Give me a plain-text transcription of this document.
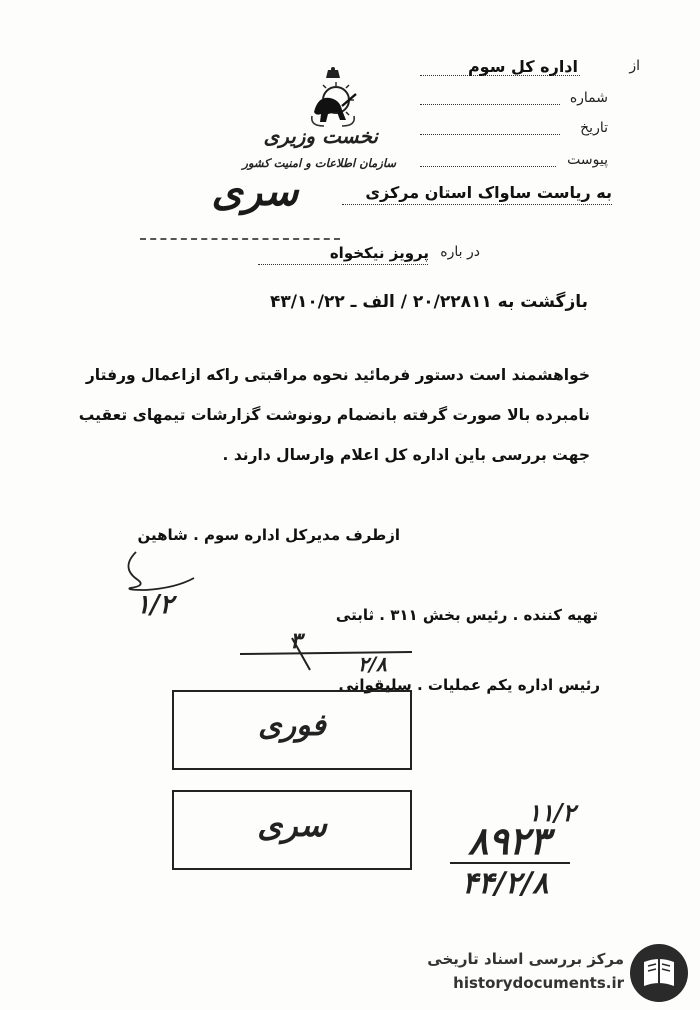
نخست وزیری
سازمان اطلاعات و امنیت کشور
از
اداره کل سوم
شماره
تاریخ
پیوست
به ریاست ساواک استان مرکزی
سری
در باره
پرویز نیکخواه
بازگشت به ۲۰/۲۲۸۱۱ / الف ـ ۴۳/۱۰/۲۲
خواهشمند است دستور فرمائید نحوه مراقبتی راکه ازاعمال ورفتار
نامبرده بالا صورت گرفته بانضمام رونوشت گزارشات تیمهای تعقیب
جهت بررسی باین اداره کل اعلام وارسال دارند .
ازطرف مدیرکل اداره سوم . شاهین
۱/۲	تهیه کننده . رئیس بخش ۳۱۱ . ثابتی
۳
۲/۸
رئیس اداره یکم عملیات . سلیقوانی
فوری
سری	۱۱/۲
۸۹۲۳
۴۴/۲/۸
مرکز بررسی اسناد تاریخی
historydocuments.ir
